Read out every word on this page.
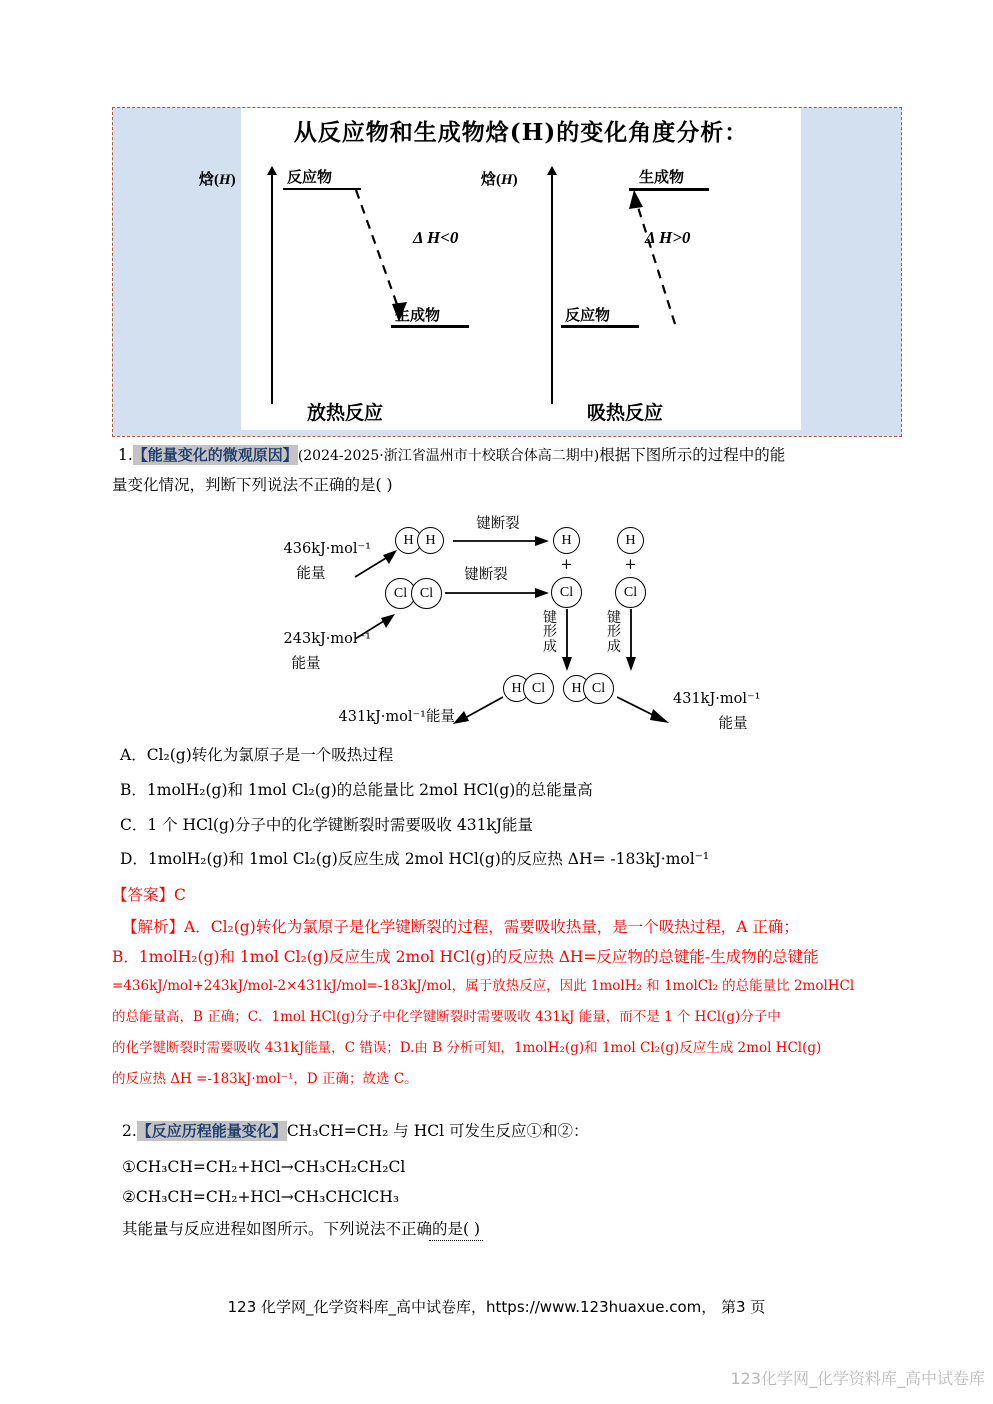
从反应物和生成物焓(H)的变化角度分析：
焓(H)	反应物
生成物
Δ H<0
放热反应
焓(H)
反应物
生成物
Δ H>0
吸热反应
1.【能量变化的微观原因】(2024-2025·浙江省温州市十校联合体高二期中)根据下图所示的过程中的能
量变化情况，判断下列说法不正确的是( )
H H
436kJ·mol⁻¹
能量
键断裂
H	H
+	+
Cl Cl
243kJ·mol⁻¹
能量
键断裂
Cl	Cl
键
形
成
键
形
成
H Cl	H Cl
431kJ·mol⁻¹能量
431kJ·mol⁻¹
能量
A．Cl₂(g)转化为氯原子是一个吸热过程
B．1molH₂(g)和 1mol Cl₂(g)的总能量比 2mol HCl(g)的总能量高
C．1 个 HCl(g)分子中的化学键断裂时需要吸收 431kJ能量
D．1molH₂(g)和 1mol Cl₂(g)反应生成 2mol HCl(g)的反应热 ΔH= -183kJ·mol⁻¹
【答案】C
【解析】A．Cl₂(g)转化为氯原子是化学键断裂的过程，需要吸收热量，是一个吸热过程，A 正确；
B．1molH₂(g)和 1mol Cl₂(g)反应生成 2mol HCl(g)的反应热 ΔH=反应物的总键能-生成物的总键能
=436kJ/mol+243kJ/mol-2×431kJ/mol=-183kJ/mol，属于放热反应，因此 1molH₂ 和 1molCl₂ 的总能量比 2molHCl
的总能量高，B 正确；C．1mol HCl(g)分子中化学键断裂时需要吸收 431kJ 能量，而不是 1 个 HCl(g)分子中
的化学键断裂时需要吸收 431kJ能量，C 错误；D.由 B 分析可知，1molH₂(g)和 1mol Cl₂(g)反应生成 2mol HCl(g)
的反应热 ΔH =-183kJ·mol⁻¹，D 正确；故选 C。
2.【反应历程能量变化】CH₃CH=CH₂ 与 HCl 可发生反应①和②：
①CH₃CH=CH₂+HCl→CH₃CH₂CH₂Cl
②CH₃CH=CH₂+HCl→CH₃CHClCH₃
其能量与反应进程如图所示。下列说法不正确的是( )
123 化学网_化学资料库_高中试卷库，https://www.123huaxue.com， 第3 页
123化学网_化学资料库_高中试卷库
